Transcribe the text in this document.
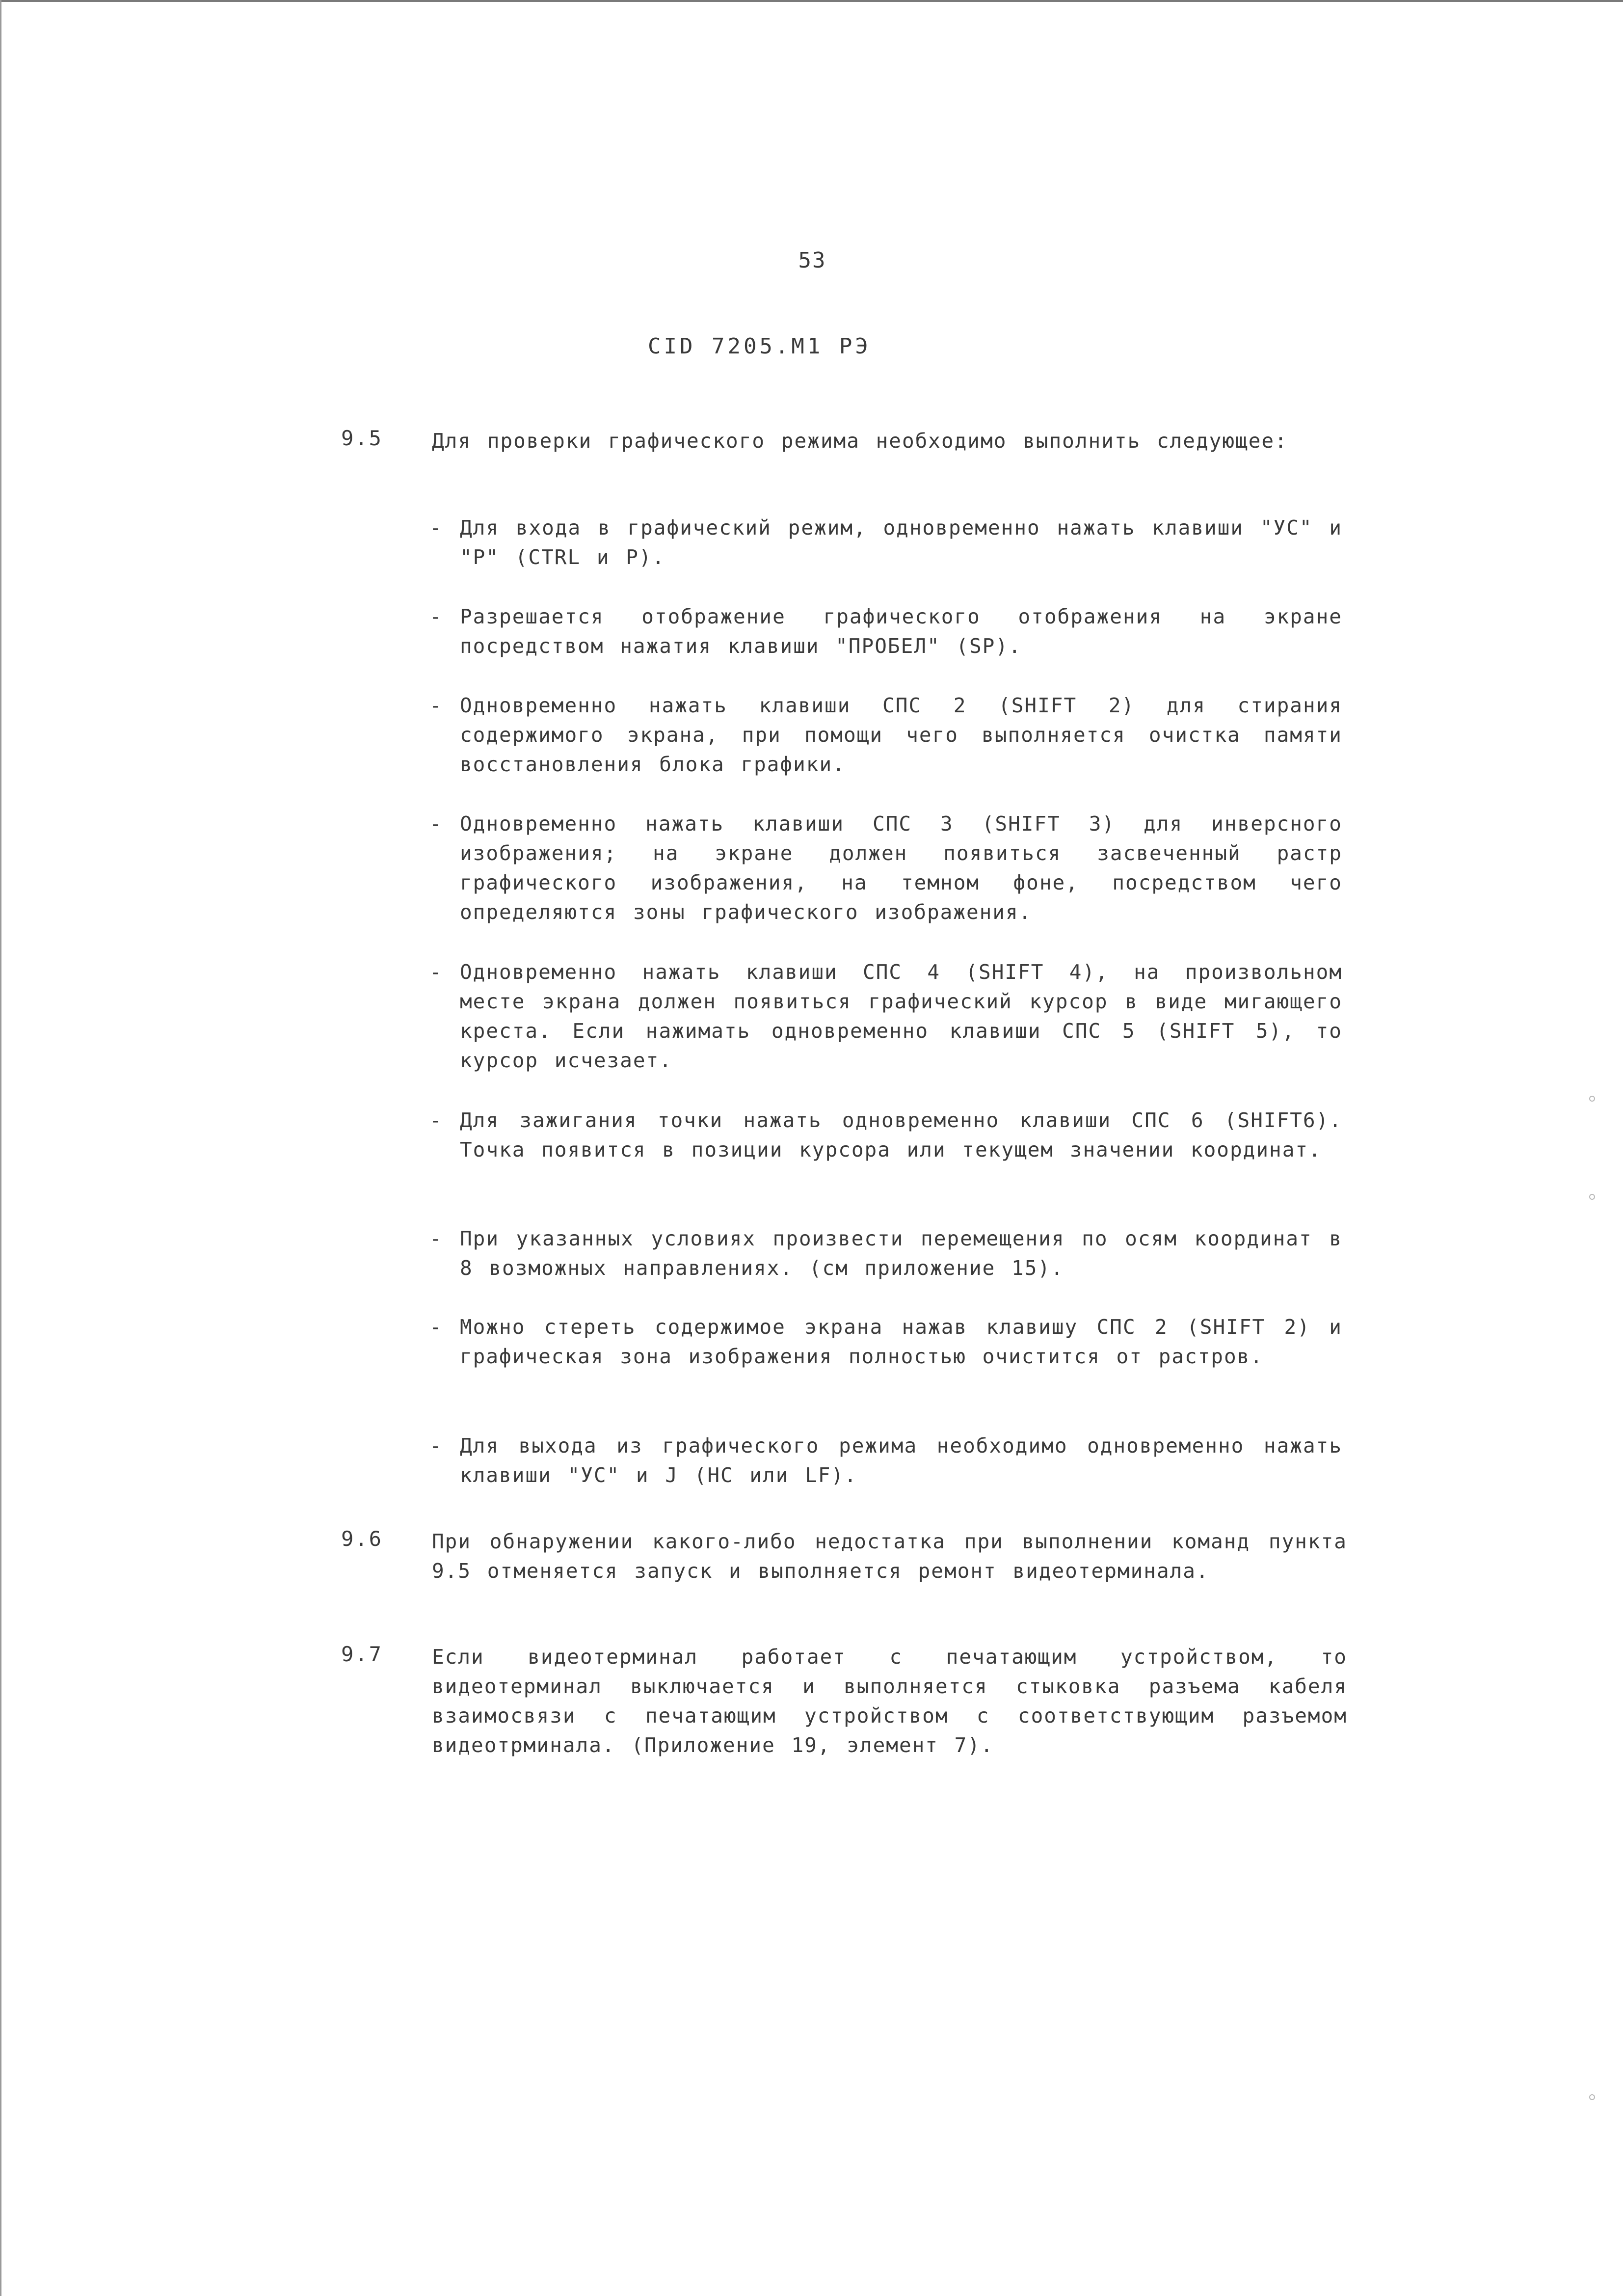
53
CID 7205.M1 РЭ
9.5 Для проверки графического режима необходимо выполнить следующее:
- Для входа в графический режим, одновременно нажать клавиши "УС" и "Р" (CTRL и P).
- Разрешается отображение графического отображения на экране посредством нажатия клавиши "ПРОБЕЛ" (SP).
- Одновременно нажать клавиши СПС 2 (SHIFT 2) для стирания содержимого экрана, при помощи чего выполняется очистка памяти восстановления блока графики.
- Одновременно нажать клавиши СПС 3 (SHIFT 3) для инверсного изображения; на экране должен появиться засвеченный растр графического изображения, на темном фоне, посредством чего определяются зоны графического изображения.
- Одновременно нажать клавиши СПС 4 (SHIFT 4), на произвольном месте экрана должен появиться графический курсор в виде мигающего креста. Если нажимать одновременно клавиши СПС 5 (SHIFT 5), то курсор исчезает.
- Для зажигания точки нажать одновременно клавиши СПС 6 (SHIFT6). Точка появится в позиции курсора или текущем значении координат.
- При указанных условиях произвести перемещения по осям координат в 8 возможных направлениях. (см приложение 15).
- Можно стереть содержимое экрана нажав клавишу СПС 2 (SHIFT 2) и графическая зона изображения полностью очистится от растров.
- Для выхода из графического режима необходимо одновременно нажать клавиши "УС" и J (HC или LF).
9.6 При обнаружении какого-либо недостатка при выполнении команд пункта 9.5 отменяется запуск и выполняется ремонт видеотерминала.
9.7 Если видеотерминал работает с печатающим устройством, то видеотерминал выключается и выполняется стыковка разъема кабеля взаимосвязи с печатающим устройством с соответствующим разъемом видеотрминала. (Приложение 19, элемент 7).
